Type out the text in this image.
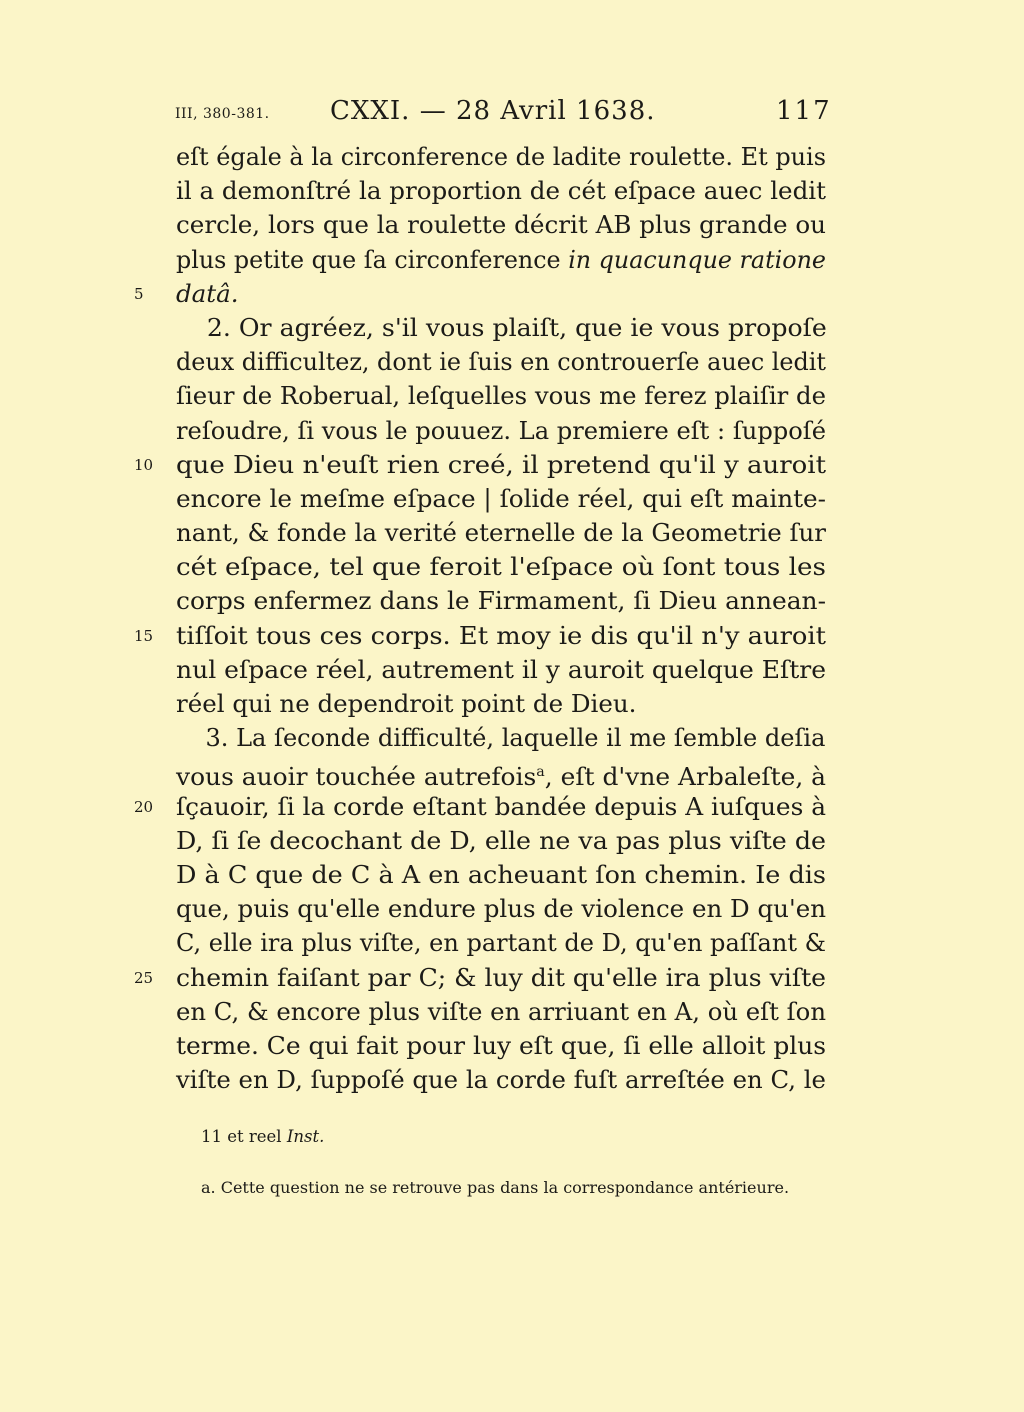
III, 380-381. CXXI. — 28 Avril 1638.	117
eſt égale à la circonference de ladite roulette. Et puis
il a demonſtré la proportion de cét eſpace auec ledit
cercle, lors que la roulette décrit AB plus grande ou
plus petite que ſa circonference in quacunque ratione
datâ.
2. Or agréez, s'il vous plaiſt, que ie vous propoſe
deux difficultez, dont ie ſuis en controuerſe auec ledit
ſieur de Roberual, leſquelles vous me ferez plaiſir de
reſoudre, ſi vous le pouuez. La premiere eſt : ſuppoſé
que Dieu n'euſt rien creé, il pretend qu'il y auroit
encore le meſme eſpace | ſolide réel, qui eſt mainte-
nant, & fonde la verité eternelle de la Geometrie ſur
cét eſpace, tel que feroit l'eſpace où ſont tous les
corps enfermez dans le Firmament, ſi Dieu annean-
tiſſoit tous ces corps. Et moy ie dis qu'il n'y auroit
nul eſpace réel, autrement il y auroit quelque Eſtre
réel qui ne dependroit point de Dieu.
3. La ſeconde difficulté, laquelle il me ſemble deſia
vous auoir touchée autrefois$^a$, eſt d'vne Arbaleſte, à
ſçauoir, ſi la corde eſtant bandée depuis A iuſques à
D, ſi ſe decochant de D, elle ne va pas plus viſte de
D à C que de C à A en acheuant ſon chemin. Ie dis
que, puis qu'elle endure plus de violence en D qu'en
C, elle ira plus viſte, en partant de D, qu'en paſſant &
chemin faiſant par C; & luy dit qu'elle ira plus viſte
en C, & encore plus viſte en arriuant en A, où eſt ſon
terme. Ce qui fait pour luy eſt que, ſi elle alloit plus
viſte en D, ſuppoſé que la corde fuſt arreſtée en C, le
5
10
15
20
25
11 et reel Inst.
a. Cette question ne se retrouve pas dans la correspondance antérieure.
